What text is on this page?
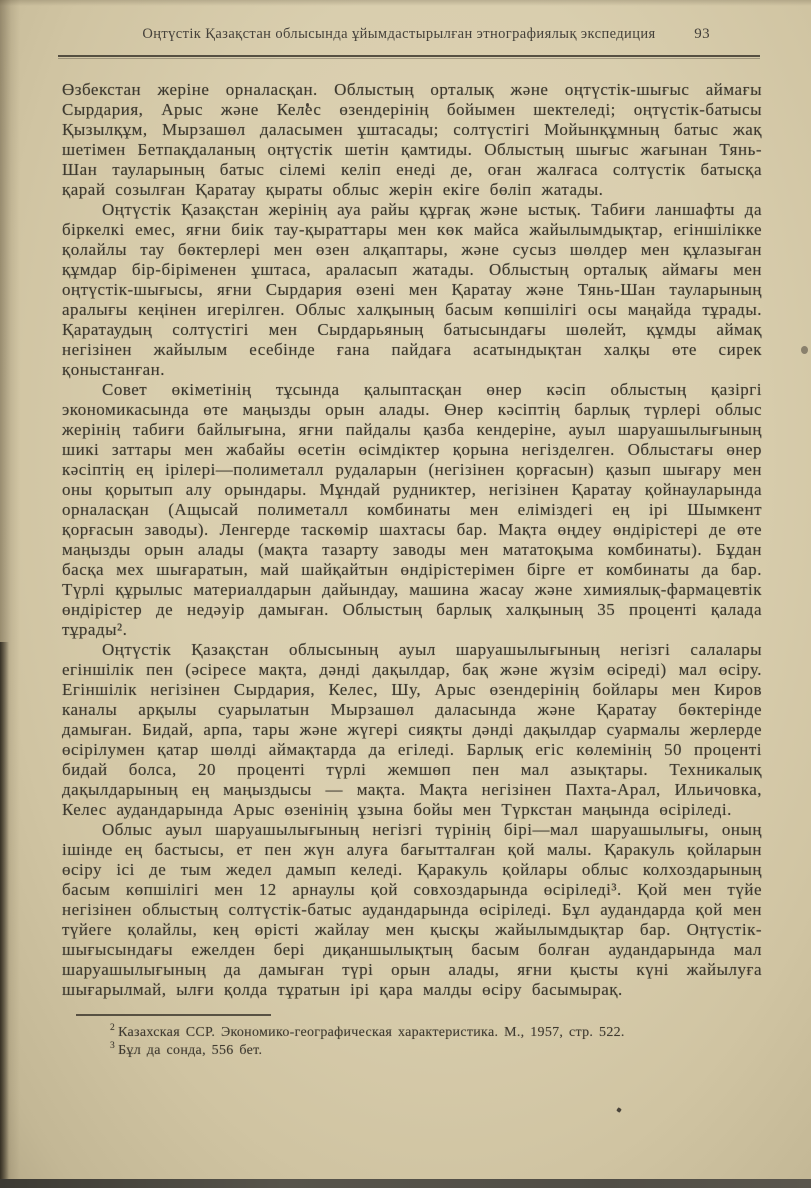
Оңтүстік Қазақстан облысында ұйымдастырылған этнографиялық экспедиция	93

Өзбекстан жеріне орналасқан. Облыстың орталық және оңтүстік-шығыс аймағы Сырдария, Арыс және Келес өзендерінің бойымен шектеледі; оңтүстік-батысы Қызылқұм, Мырзашөл даласымен ұштасады; солтүстігі Мойынқұмның батыс жақ шетімен Бетпақдаланың оңтүстік шетін қамтиды. Облыстың шығыс жағынан Тянь-Шан тауларының батыс сілемі келіп енеді де, оған жалғаса солтүстік батысқа қарай созылған Қаратау қыраты облыс жерін екіге бөліп жатады.

Оңтүстік Қазақстан жерінің ауа райы құрғақ және ыстық. Табиғи ланшафты да біркелкі емес, яғни биік тау-қыраттары мен көк майса жайылымдықтар, егіншілікке қолайлы тау бөктерлері мен өзен алқаптары, және сусыз шөлдер мен құлазыған құмдар бір-біріменен ұштаса, араласып жатады. Облыстың орталық аймағы мен оңтүстік-шығысы, яғни Сырдария өзені мен Қаратау және Тянь-Шан тауларының аралығы кеңінен игерілген. Облыс халқының басым көпшілігі осы маңайда тұрады. Қаратаудың солтүстігі мен Сырдарьяның батысындағы шөлейт, құмды аймақ негізінен жайылым есебінде ғана пайдаға асатындықтан халқы өте сирек қоныстанған.

Совет өкіметінің тұсында қалыптасқан өнер кәсіп облыстың қазіргі экономикасында өте маңызды орын алады. Өнер кәсіптің барлық түрлері облыс жерінің табиғи байлығына, яғни пайдалы қазба кендеріне, ауыл шаруашылығының шикі заттары мен жабайы өсетін өсімдіктер қорына негізделген. Облыстағы өнер кәсіптің ең ірілері—полиметалл рудаларын (негізінен қорғасын) қазып шығару мен оны қорытып алу орындары. Мұндай рудниктер, негізінен Қаратау қойнауларында орналасқан (Ащысай полиметалл комбинаты мен еліміздегі ең ірі Шымкент қорғасын заводы). Ленгерде таскөмір шахтасы бар. Мақта өңдеу өндірістері де өте маңызды орын алады (мақта тазарту заводы мен мататоқыма комбинаты). Бұдан басқа мех шығаратын, май шайқайтын өндірістерімен бірге ет комбинаты да бар. Түрлі құрылыс материалдарын дайындау, машина жасау және химиялық-фармацевтік өндірістер де недәуір дамыған. Облыстың барлық халқының 35 проценті қалада тұрады².

Оңтүстік Қазақстан облысының ауыл шаруашылығының негізгі салалары егіншілік пен (әсіресе мақта, дәнді дақылдар, бақ және жүзім өсіреді) мал өсіру. Егіншілік негізінен Сырдария, Келес, Шу, Арыс өзендерінің бойлары мен Киров каналы арқылы суарылатын Мырзашөл даласында және Қаратау бөктерінде дамыған. Бидай, арпа, тары және жүгері сияқты дәнді дақылдар суармалы жерлерде өсірілумен қатар шөлді аймақтарда да егіледі. Барлық егіс көлемінің 50 проценті бидай болса, 20 проценті түрлі жемшөп пен мал азықтары. Техникалық дақылдарының ең маңыздысы — мақта. Мақта негізінен Пахта-Арал, Ильичовка, Келес аудандарында Арыс өзенінің ұзына бойы мен Түркстан маңында өсіріледі.

Облыс ауыл шаруашылығының негізгі түрінің бірі—мал шаруашылығы, оның ішінде ең бастысы, ет пен жүн алуға бағытталған қой малы. Қаракуль қойларын өсіру ісі де тым жедел дамып келеді. Қаракуль қойлары облыс колхоздарының басым көпшілігі мен 12 арнаулы қой совхоздарында өсіріледі³. Қой мен түйе негізінен облыстың солтүстік-батыс аудандарында өсіріледі. Бұл аудандарда қой мен түйеге қолайлы, кең өрісті жайлау мен қысқы жайылымдықтар бар. Оңтүстік-шығысындағы ежелден бері диқаншылықтың басым болған аудандарында мал шаруашылығының да дамыған түрі орын алады, яғни қысты күні жайылуға шығарылмай, ылғи қолда тұратын ірі қара малды өсіру басымырақ.

$^2$ Казахская ССР. Экономико-географическая характеристика. М., 1957, стр. 522.

$^3$ Бұл да сонда, 556 бет.
